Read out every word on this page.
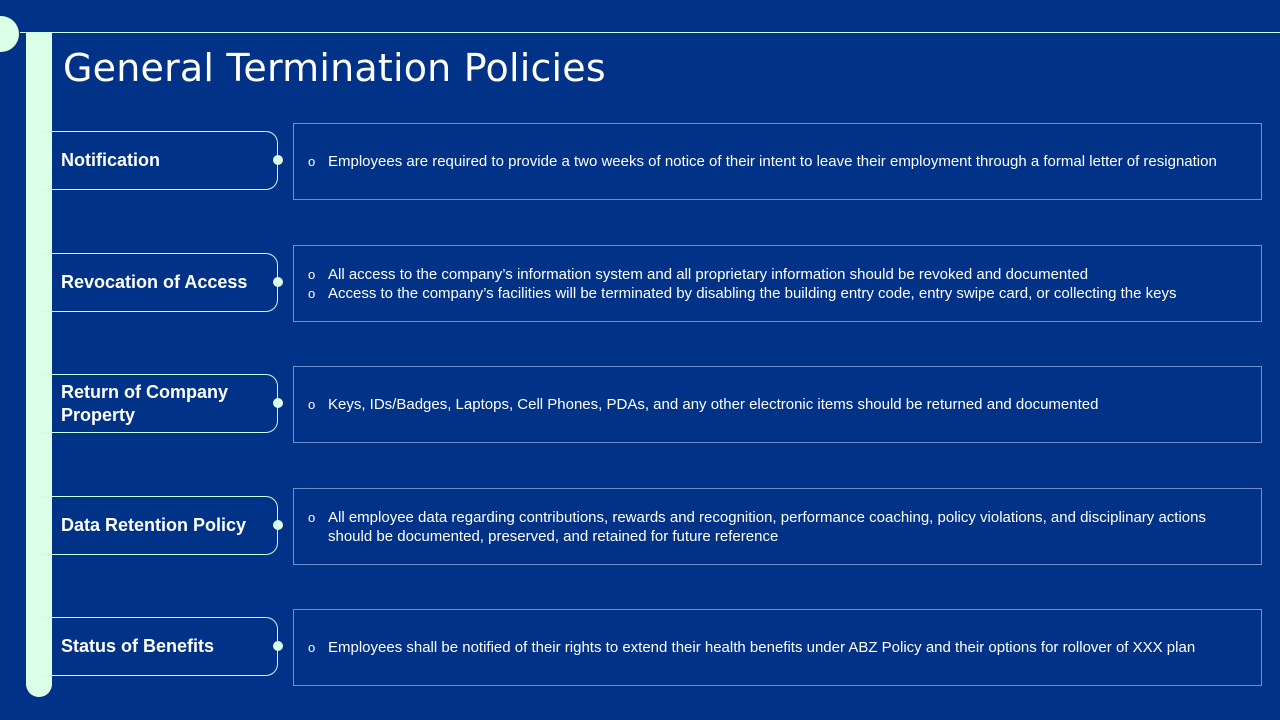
General Termination Policies
Notification	o Employees are required to provide a two weeks of notice of their intent to leave their employment through a formal letter of resignation
Revocation of Access	o All access to the company’s information system and all proprietary information should be revoked and documented
o Access to the company’s facilities will be terminated by disabling the building entry code, entry swipe card, or collecting the keys
Return of Company Property	o Keys, IDs/Badges, Laptops, Cell Phones, PDAs, and any other electronic items should be returned and documented
Data Retention Policy	o All employee data regarding contributions, rewards and recognition, performance coaching, policy violations, and disciplinary actions should be documented, preserved, and retained for future reference
Status of Benefits	o Employees shall be notified of their rights to extend their health benefits under ABZ Policy and their options for rollover of XXX plan
